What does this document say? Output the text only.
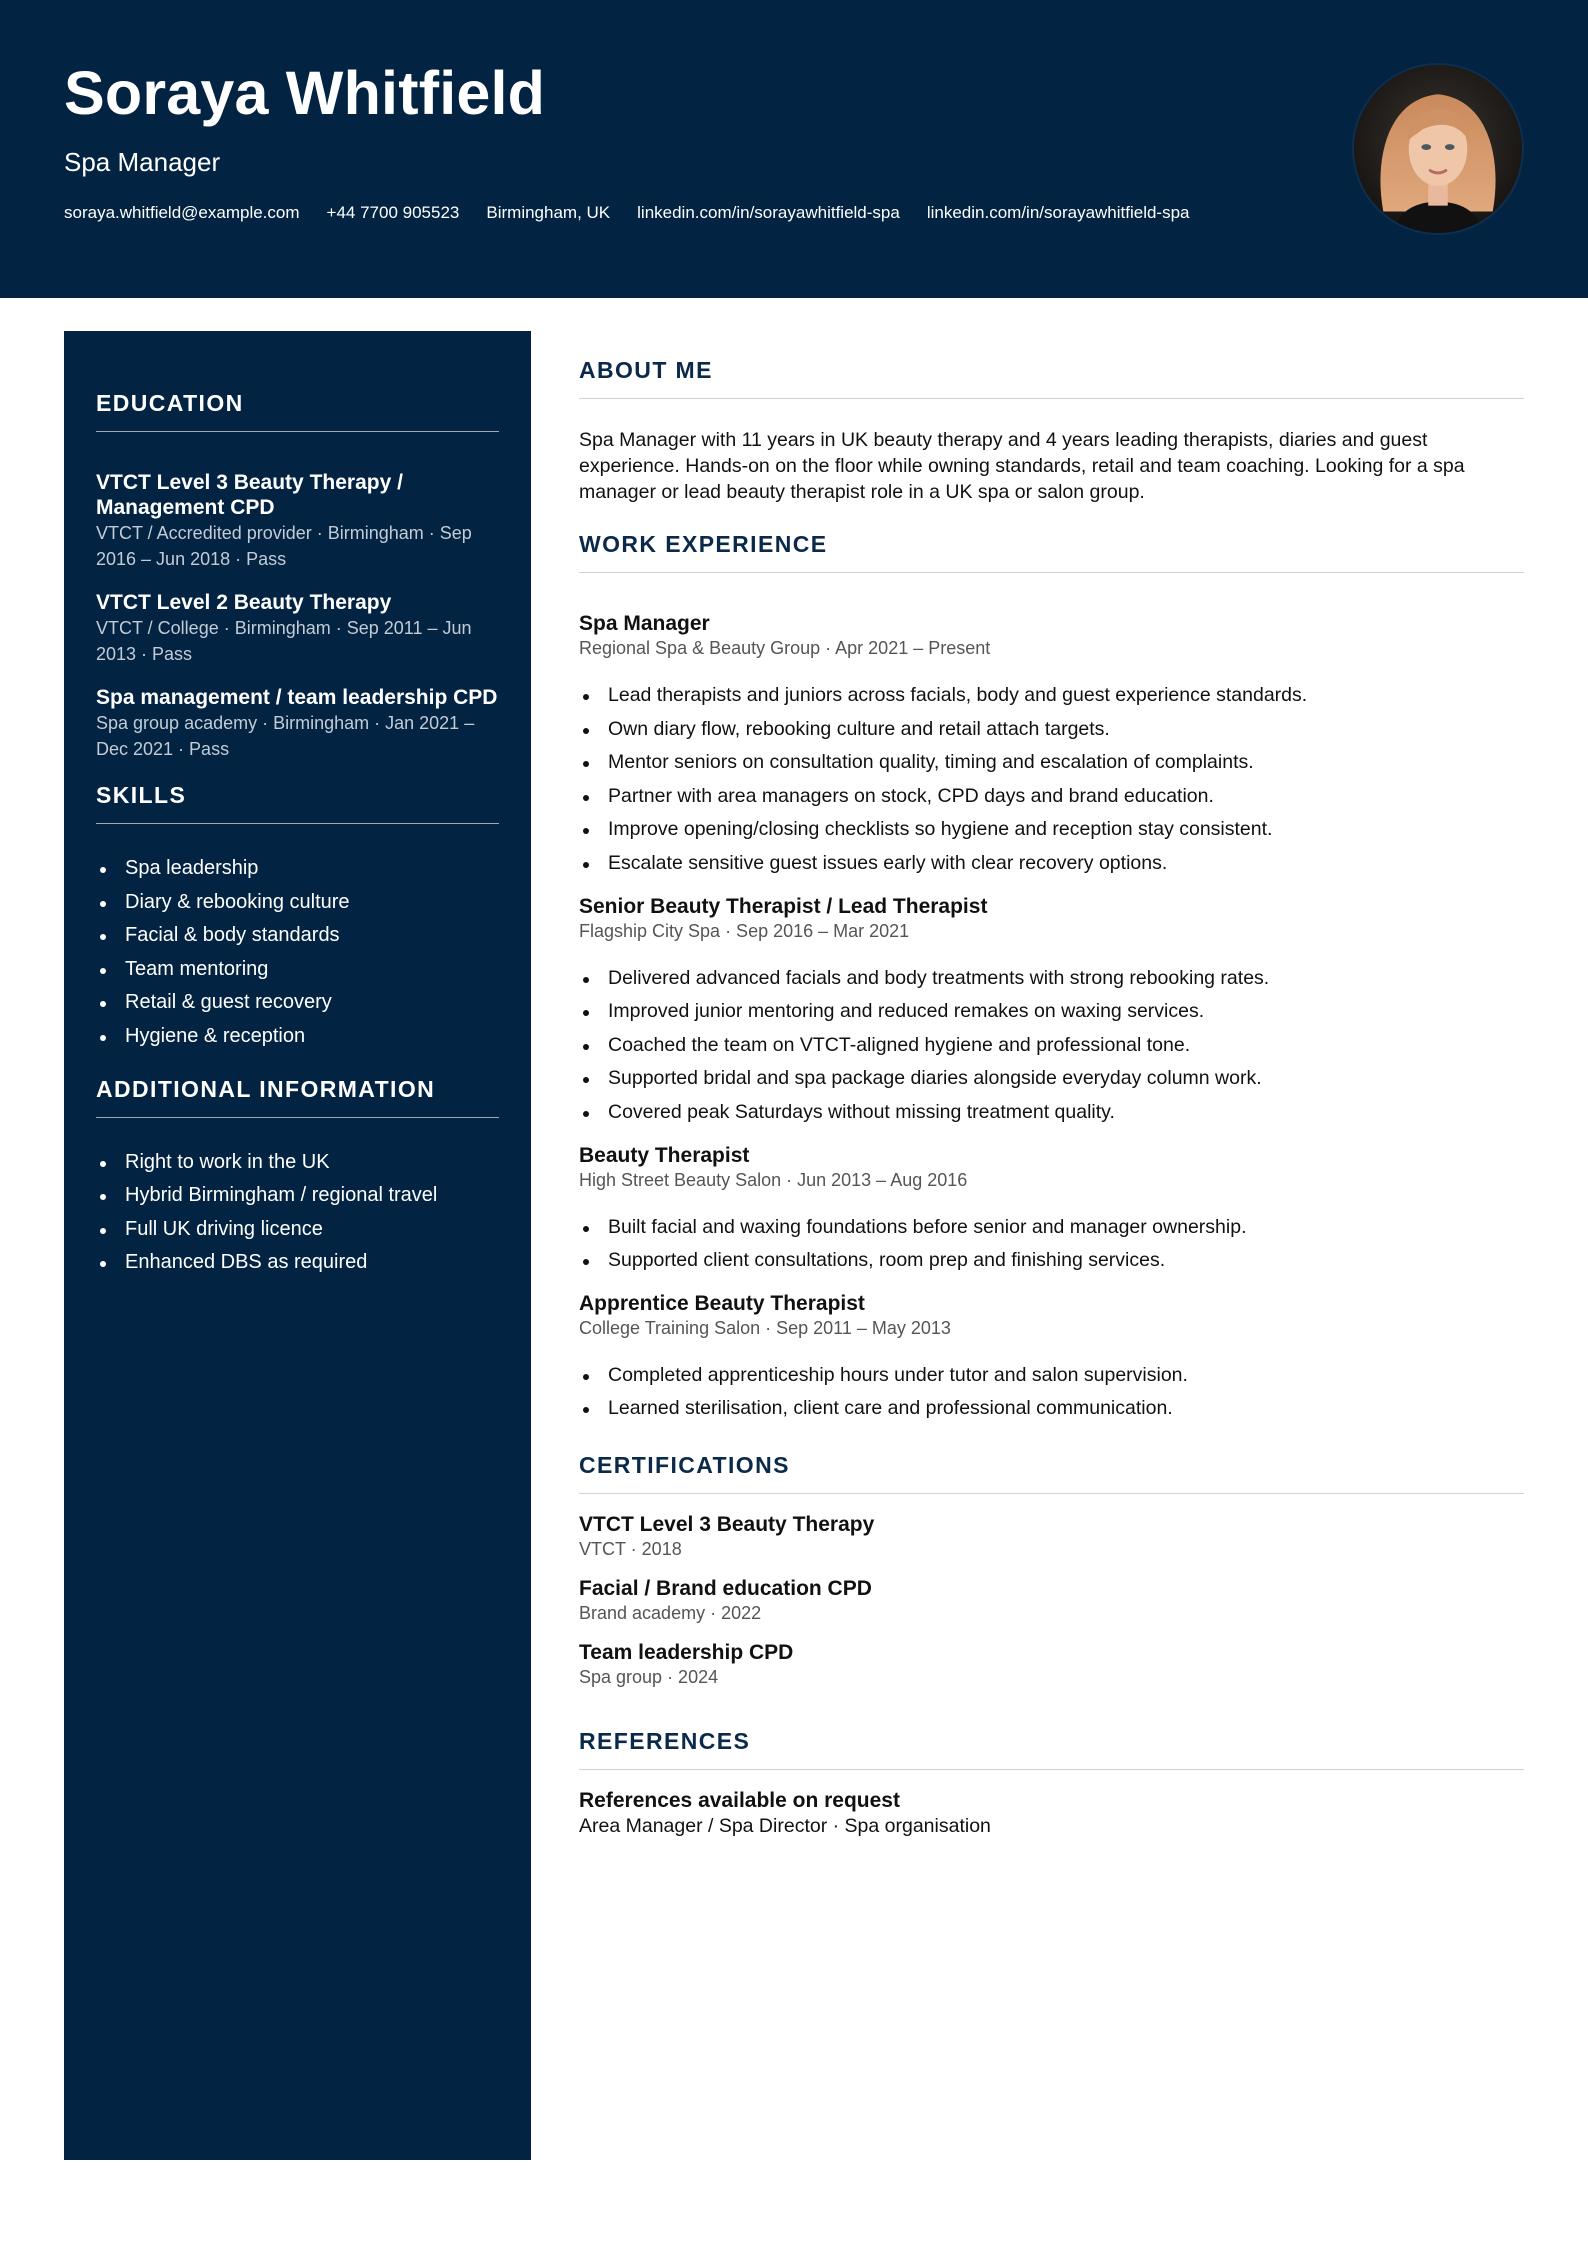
Soraya Whitfield
Spa Manager
soraya.whitfield@example.com +44 7700 905523 Birmingham, UK linkedin.com/in/sorayawhitfield-spa linkedin.com/in/sorayawhitfield-spa
EDUCATION
VTCT Level 3 Beauty Therapy / Management CPD
VTCT / Accredited provider · Birmingham · Sep 2016 – Jun 2018 · Pass
VTCT Level 2 Beauty Therapy
VTCT / College · Birmingham · Sep 2011 – Jun 2013 · Pass
Spa management / team leadership CPD
Spa group academy · Birmingham · Jan 2021 – Dec 2021 · Pass
SKILLS
Spa leadership
Diary & rebooking culture
Facial & body standards
Team mentoring
Retail & guest recovery
Hygiene & reception
ADDITIONAL INFORMATION
Right to work in the UK
Hybrid Birmingham / regional travel
Full UK driving licence
Enhanced DBS as required
ABOUT ME

Spa Manager with 11 years in UK beauty therapy and 4 years leading therapists, diaries and guest experience. Hands-on on the floor while owning standards, retail and team coaching. Looking for a spa manager or lead beauty therapist role in a UK spa or salon group.

WORK EXPERIENCE
Spa Manager
Regional Spa & Beauty Group · Apr 2021 – Present
Lead therapists and juniors across facials, body and guest experience standards.
Own diary flow, rebooking culture and retail attach targets.
Mentor seniors on consultation quality, timing and escalation of complaints.
Partner with area managers on stock, CPD days and brand education.
Improve opening/closing checklists so hygiene and reception stay consistent.
Escalate sensitive guest issues early with clear recovery options.
Senior Beauty Therapist / Lead Therapist
Flagship City Spa · Sep 2016 – Mar 2021
Delivered advanced facials and body treatments with strong rebooking rates.
Improved junior mentoring and reduced remakes on waxing services.
Coached the team on VTCT-aligned hygiene and professional tone.
Supported bridal and spa package diaries alongside everyday column work.
Covered peak Saturdays without missing treatment quality.
Beauty Therapist
High Street Beauty Salon · Jun 2013 – Aug 2016
Built facial and waxing foundations before senior and manager ownership.
Supported client consultations, room prep and finishing services.
Apprentice Beauty Therapist
College Training Salon · Sep 2011 – May 2013
Completed apprenticeship hours under tutor and salon supervision.
Learned sterilisation, client care and professional communication.
CERTIFICATIONS
VTCT Level 3 Beauty Therapy
VTCT · 2018
Facial / Brand education CPD
Brand academy · 2022
Team leadership CPD
Spa group · 2024
REFERENCES
References available on request
Area Manager / Spa Director · Spa organisation
